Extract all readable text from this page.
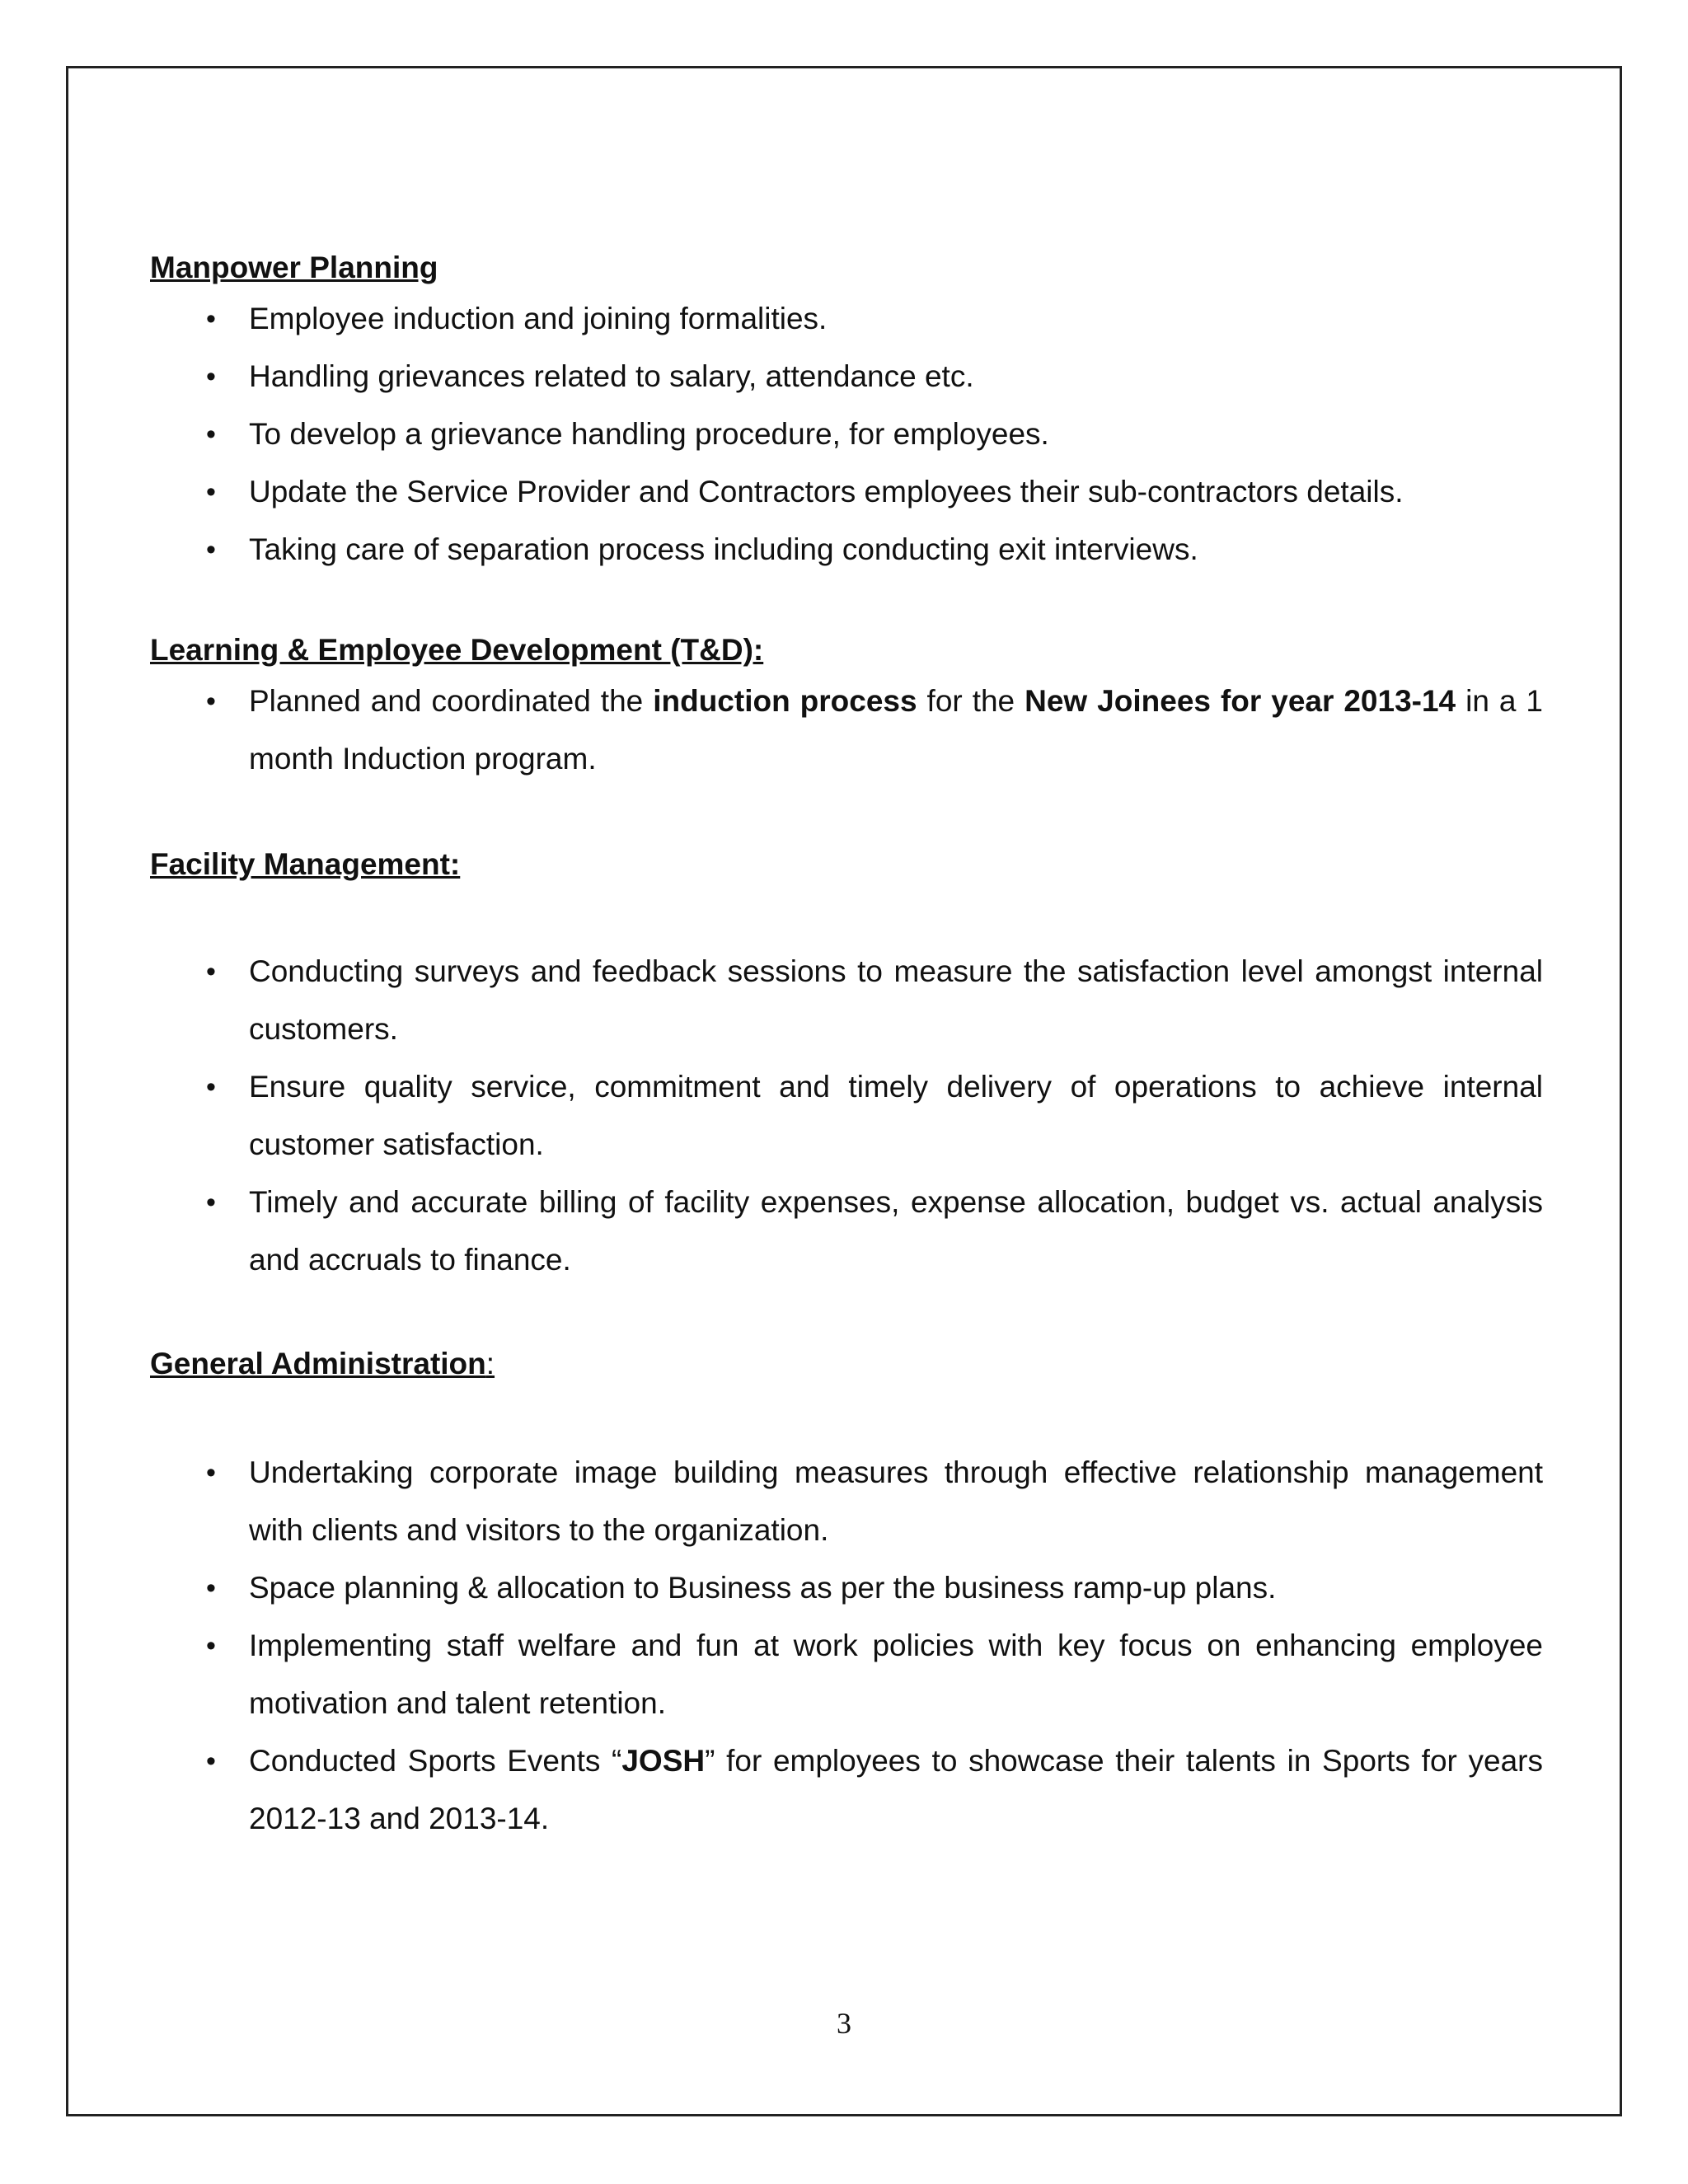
Manpower Planning
• Employee induction and joining formalities.
• Handling grievances related to salary, attendance etc.
• To develop a grievance handling procedure, for employees.
• Update the Service Provider and Contractors employees their sub-contractors details.
• Taking care of separation process including conducting exit interviews.
Learning & Employee Development (T&D):
• Planned and coordinated the induction process for the New Joinees for year 2013-14 in a 1 month Induction program.
Facility Management:
• Conducting surveys and feedback sessions to measure the satisfaction level amongst internal customers.
• Ensure quality service, commitment and timely delivery of operations to achieve internal customer satisfaction.
• Timely and accurate billing of facility expenses, expense allocation, budget vs. actual analysis and accruals to finance.
General Administration:
• Undertaking corporate image building measures through effective relationship management with clients and visitors to the organization.
• Space planning & allocation to Business as per the business ramp-up plans.
• Implementing staff welfare and fun at work policies with key focus on enhancing employee motivation and talent retention.
• Conducted Sports Events “JOSH” for employees to showcase their talents in Sports for years 2012-13 and 2013-14.
3
